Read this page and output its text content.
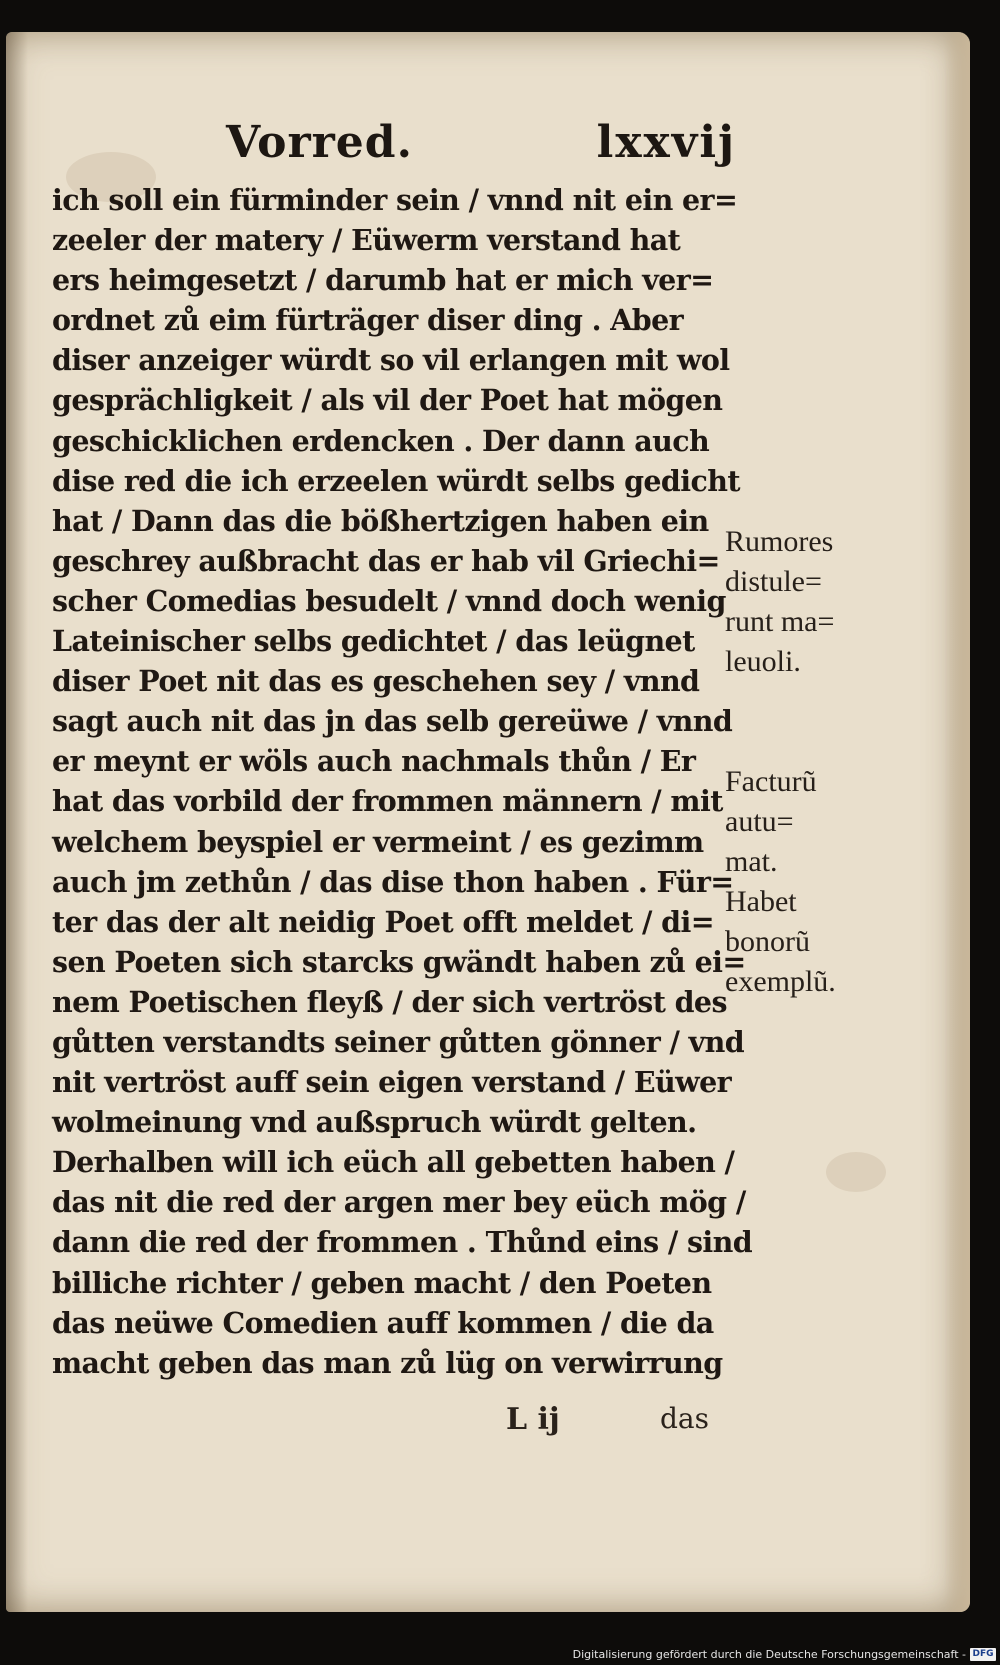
Vorred.	lxxvij
ich soll ein fürminder sein / vnnd nit ein er=
zeeler der matery / Eüwerm verstand hat
ers heimgesetzt / darumb hat er mich ver=
ordnet zů eim fürträger diser ding . Aber
diser anzeiger würdt so vil erlangen mit wol
gesprächligkeit / als vil der Poet hat mögen
geschicklichen erdencken . Der dann auch
dise red die ich erzeelen würdt selbs gedicht
hat / Dann das die bößhertzigen haben ein
geschrey außbracht das er hab vil Griechi=
scher Comedias besudelt / vnnd doch wenig
Lateinischer selbs gedichtet / das leügnet
diser Poet nit das es geschehen sey / vnnd
sagt auch nit das jn das selb gereüwe / vnnd
er meynt er wöls auch nachmals thůn / Er
hat das vorbild der frommen männern / mit
welchem beyspiel er vermeint / es gezimm
auch jm zethůn / das dise thon haben . Für=
ter das der alt neidig Poet offt meldet / di=
sen Poeten sich starcks gwändt haben zů ei=
nem Poetischen fleyß / der sich vertröst des
gůtten verstandts seiner gůtten gönner / vnd
nit vertröst auff sein eigen verstand / Eüwer
wolmeinung vnd außspruch würdt gelten.
Derhalben will ich eüch all gebetten haben /
das nit die red der argen mer bey eüch mög /
dann die red der frommen . Thůnd eins / sind
billiche richter / geben macht / den Poeten
das neüwe Comedien auff kommen / die da
macht geben das man zů lüg on verwirrung
L ij	das
Rumores
distule=
runt ma=
leuoli.
Facturũ
autu=
mat.
Habet
bonorũ
exemplũ.
Digitalisierung gefördert durch die Deutsche Forschungsgemeinschaft - DFG
